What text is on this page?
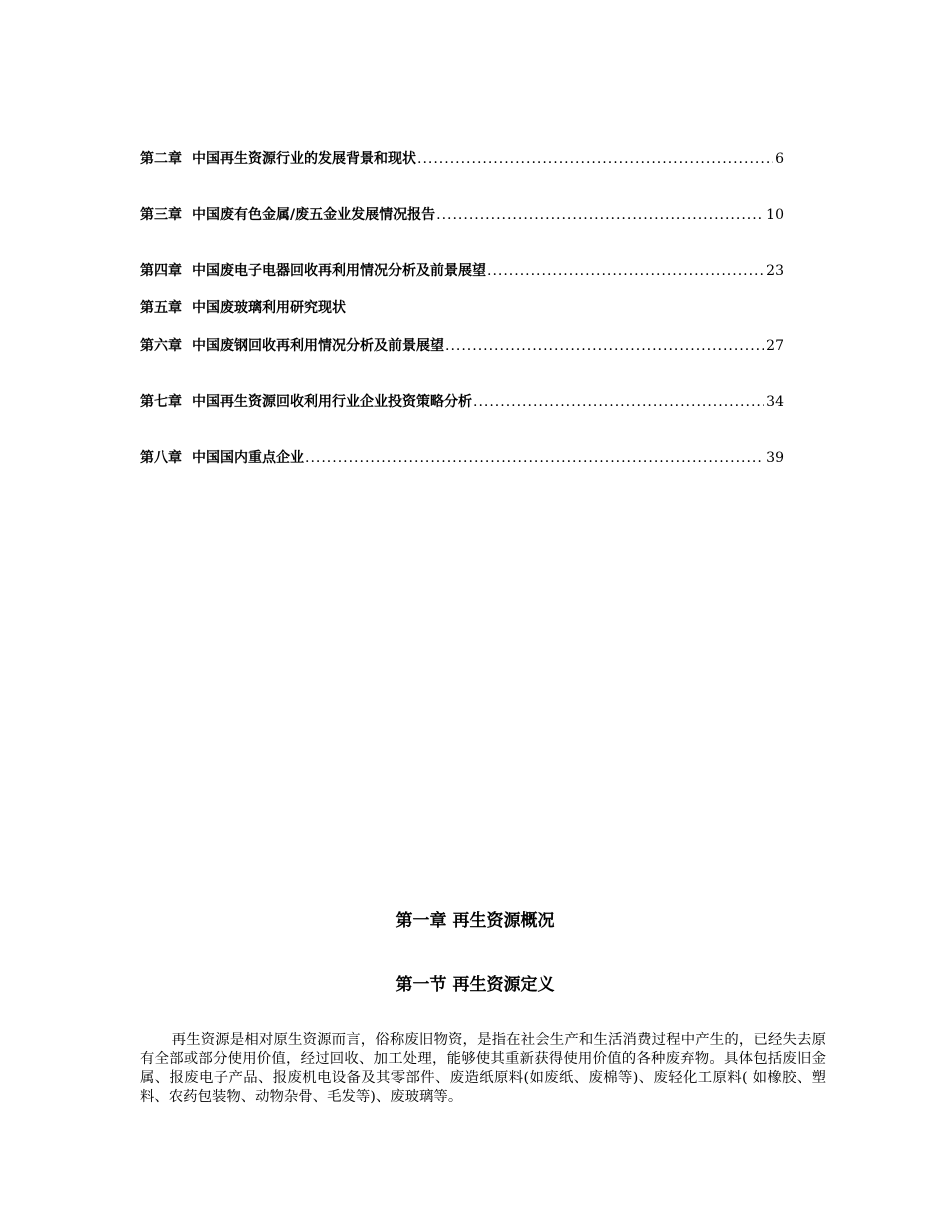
第二章 中国再生资源行业的发展背景和现状 .....	6
第三章 中国废有色金属/废五金业发展情况报告 .....	10
第四章 中国废电子电器回收再利用情况分析及前景展望 .....	23
第五章 中国废玻璃利用研究现状
第六章 中国废钢回收再利用情况分析及前景展望 .....	27
第七章 中国再生资源回收利用行业企业投资策略分析 .....	34
第八章 中国国内重点企业 .....	39
第一章 再生资源概况
第一节 再生资源定义

再生资源是相对原生资源而言，俗称废旧物资，是指在社会生产和生活消费过程中产生的，已经失去原有全部或部分使用价值，经过回收、加工处理，能够使其重新获得使用价值的各种废弃物。具体包括废旧金属、报废电子产品、报废机电设备及其零部件、废造纸原料(如废纸、废棉等)、废轻化工原料( 如橡胶、塑料、农药包装物、动物杂骨、毛发等)、废玻璃等。
